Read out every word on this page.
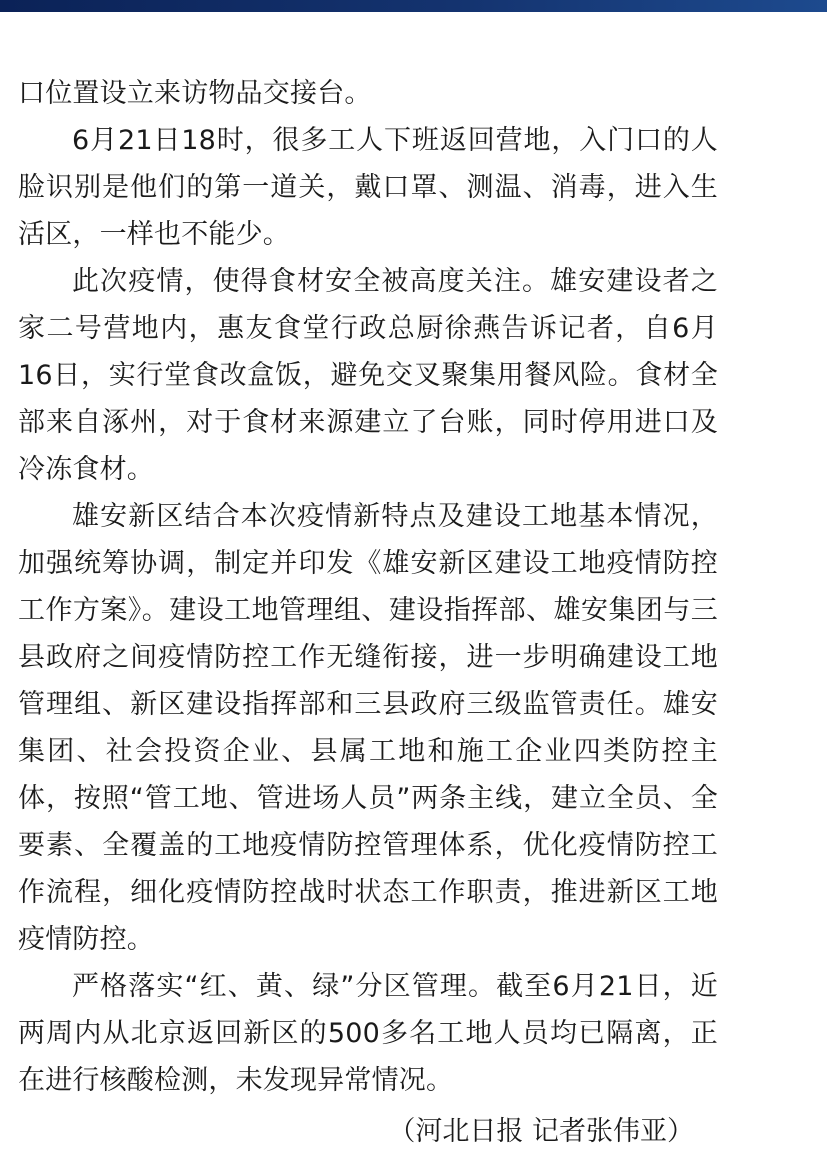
口位置设立来访物品交接台。

6月21日18时，很多工人下班返回营地，入门口的人脸识别是他们的第一道关，戴口罩、测温、消毒，进入生活区，一样也不能少。

此次疫情，使得食材安全被高度关注。雄安建设者之家二号营地内，惠友食堂行政总厨徐燕告诉记者，自6月16日，实行堂食改盒饭，避免交叉聚集用餐风险。食材全部来自涿州，对于食材来源建立了台账，同时停用进口及冷冻食材。

雄安新区结合本次疫情新特点及建设工地基本情况，加强统筹协调，制定并印发《雄安新区建设工地疫情防控工作方案》。建设工地管理组、建设指挥部、雄安集团与三县政府之间疫情防控工作无缝衔接，进一步明确建设工地管理组、新区建设指挥部和三县政府三级监管责任。雄安集团、社会投资企业、县属工地和施工企业四类防控主体，按照“管工地、管进场人员”两条主线，建立全员、全要素、全覆盖的工地疫情防控管理体系，优化疫情防控工作流程，细化疫情防控战时状态工作职责，推进新区工地疫情防控。

严格落实“红、黄、绿”分区管理。截至6月21日，近两周内从北京返回新区的500多名工地人员均已隔离，正在进行核酸检测，未发现异常情况。

（河北日报 记者张伟亚）
